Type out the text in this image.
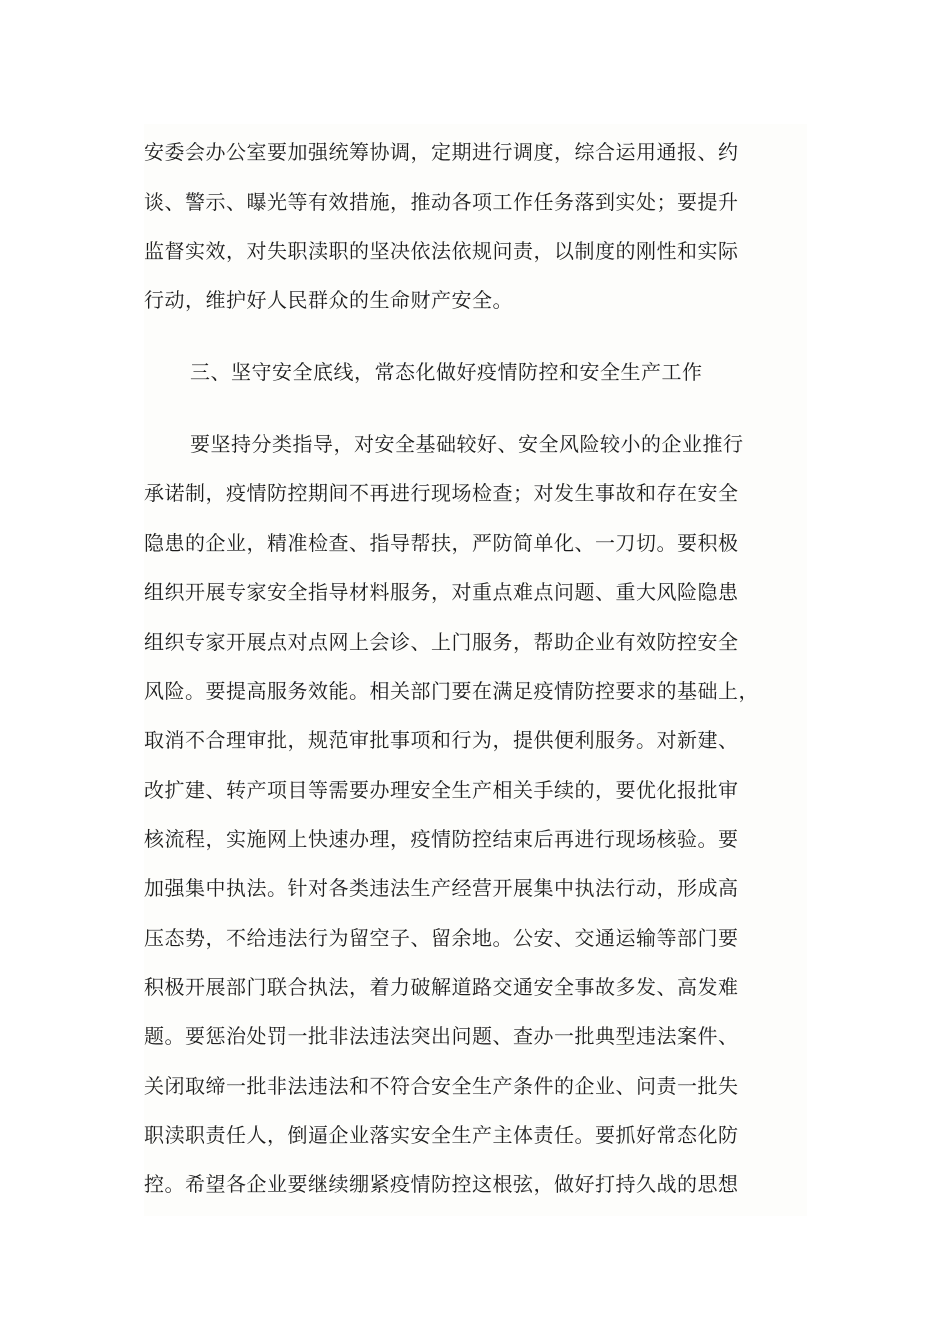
安委会办公室要加强统筹协调，定期进行调度，综合运用通报、约

谈、警示、曝光等有效措施，推动各项工作任务落到实处；要提升

监督实效，对失职渎职的坚决依法依规问责，以制度的刚性和实际

行动，维护好人民群众的生命财产安全。

三、坚守安全底线，常态化做好疫情防控和安全生产工作

要坚持分类指导，对安全基础较好、安全风险较小的企业推行

承诺制，疫情防控期间不再进行现场检查；对发生事故和存在安全

隐患的企业，精准检查、指导帮扶，严防简单化、一刀切。要积极

组织开展专家安全指导材料服务，对重点难点问题、重大风险隐患

组织专家开展点对点网上会诊、上门服务，帮助企业有效防控安全

风险。要提高服务效能。相关部门要在满足疫情防控要求的基础上，

取消不合理审批，规范审批事项和行为，提供便利服务。对新建、

改扩建、转产项目等需要办理安全生产相关手续的，要优化报批审

核流程，实施网上快速办理，疫情防控结束后再进行现场核验。要

加强集中执法。针对各类违法生产经营开展集中执法行动，形成高

压态势，不给违法行为留空子、留余地。公安、交通运输等部门要

积极开展部门联合执法，着力破解道路交通安全事故多发、高发难

题。要惩治处罚一批非法违法突出问题、查办一批典型违法案件、

关闭取缔一批非法违法和不符合安全生产条件的企业、问责一批失

职渎职责任人，倒逼企业落实安全生产主体责任。要抓好常态化防

控。希望各企业要继续绷紧疫情防控这根弦，做好打持久战的思想
